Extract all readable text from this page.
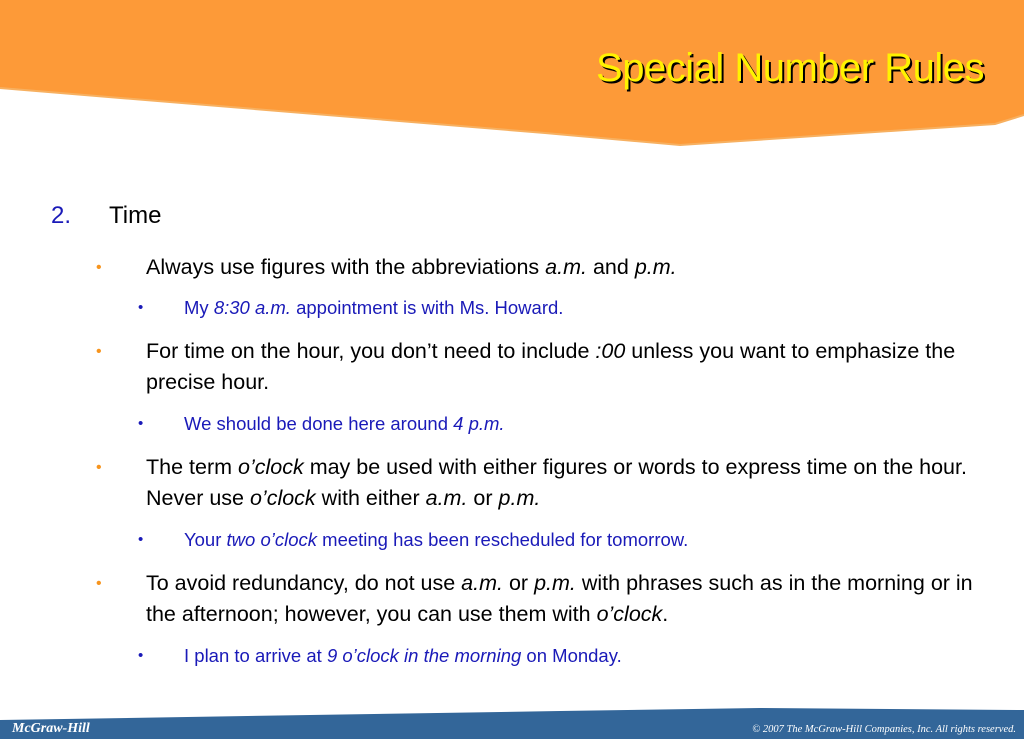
Special Number Rules
2. Time
• Always use figures with the abbreviations a.m. and p.m.
• My 8:30 a.m. appointment is with Ms. Howard.
• For time on the hour, you don’t need to include :00 unless you want to emphasize the precise hour.
• We should be done here around 4 p.m.
• The term o’clock may be used with either figures or words to express time on the hour. Never use o’clock with either a.m. or p.m.
• Your two o’clock meeting has been rescheduled for tomorrow.
• To avoid redundancy, do not use a.m. or p.m. with phrases such as in the morning or in the afternoon; however, you can use them with o’clock.
• I plan to arrive at 9 o’clock in the morning on Monday.
McGraw-Hill	© 2007 The McGraw-Hill Companies, Inc. All rights reserved.
